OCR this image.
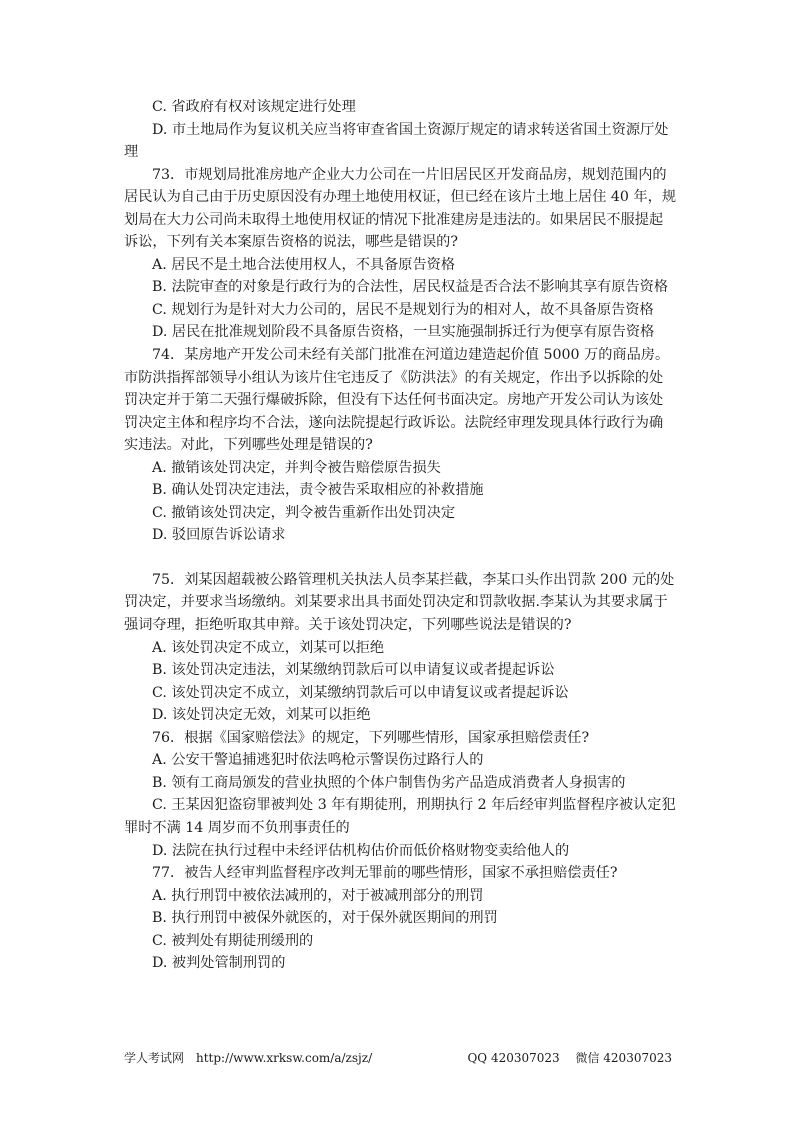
C. 省政府有权对该规定进行处理

D. 市土地局作为复议机关应当将审查省国土资源厅规定的请求转送省国土资源厅处理

73．市规划局批准房地产企业大力公司在一片旧居民区开发商品房，规划范围内的居民认为自己由于历史原因没有办理土地使用权证，但已经在该片土地上居住 40 年，规划局在大力公司尚未取得土地使用权证的情况下批准建房是违法的。如果居民不服提起诉讼，下列有关本案原告资格的说法，哪些是错误的?

A. 居民不是土地合法使用权人，不具备原告资格

B. 法院审查的对象是行政行为的合法性，居民权益是否合法不影响其享有原告资格

C. 规划行为是针对大力公司的，居民不是规划行为的相对人，故不具备原告资格

D. 居民在批准规划阶段不具备原告资格，一旦实施强制拆迁行为便享有原告资格

74．某房地产开发公司未经有关部门批准在河道边建造起价值 5000 万的商品房。市防洪指挥部领导小组认为该片住宅违反了《防洪法》的有关规定，作出予以拆除的处罚决定并于第二天强行爆破拆除，但没有下达任何书面决定。房地产开发公司认为该处罚决定主体和程序均不合法，遂向法院提起行政诉讼。法院经审理发现具体行政行为确实违法。对此，下列哪些处理是错误的?

A. 撤销该处罚决定，并判令被告赔偿原告损失

B. 确认处罚决定违法，责令被告采取相应的补救措施

C. 撤销该处罚决定，判令被告重新作出处罚决定

D. 驳回原告诉讼请求

75．刘某因超载被公路管理机关执法人员李某拦截，李某口头作出罚款 200 元的处罚决定，并要求当场缴纳。刘某要求出具书面处罚决定和罚款收据.李某认为其要求属于强词夺理，拒绝听取其申辩。关于该处罚决定，下列哪些说法是错误的?

A. 该处罚决定不成立，刘某可以拒绝

B. 该处罚决定违法，刘某缴纳罚款后可以申请复议或者提起诉讼

C. 该处罚决定不成立，刘某缴纳罚款后可以申请复议或者提起诉讼

D. 该处罚决定无效，刘某可以拒绝

76．根据《国家赔偿法》的规定，下列哪些情形，国家承担赔偿责任?

A. 公安干警追捕逃犯时依法鸣枪示警误伤过路行人的

B. 领有工商局颁发的营业执照的个体户制售伪劣产品造成消费者人身损害的

C. 王某因犯盗窃罪被判处 3 年有期徒刑，刑期执行 2 年后经审判监督程序被认定犯罪时不满 14 周岁而不负刑事责任的

D. 法院在执行过程中未经评估机构估价而低价格财物变卖给他人的

77．被告人经审判监督程序改判无罪前的哪些情形，国家不承担赔偿责任?

A. 执行刑罚中被依法减刑的，对于被减刑部分的刑罚

B. 执行刑罚中被保外就医的，对于保外就医期间的刑罚

C. 被判处有期徒刑缓刑的

D. 被判处管制刑罚的

学人考试网　http://www.xrksw.com/a/zsjz/	QQ 420307023　 微信 420307023
